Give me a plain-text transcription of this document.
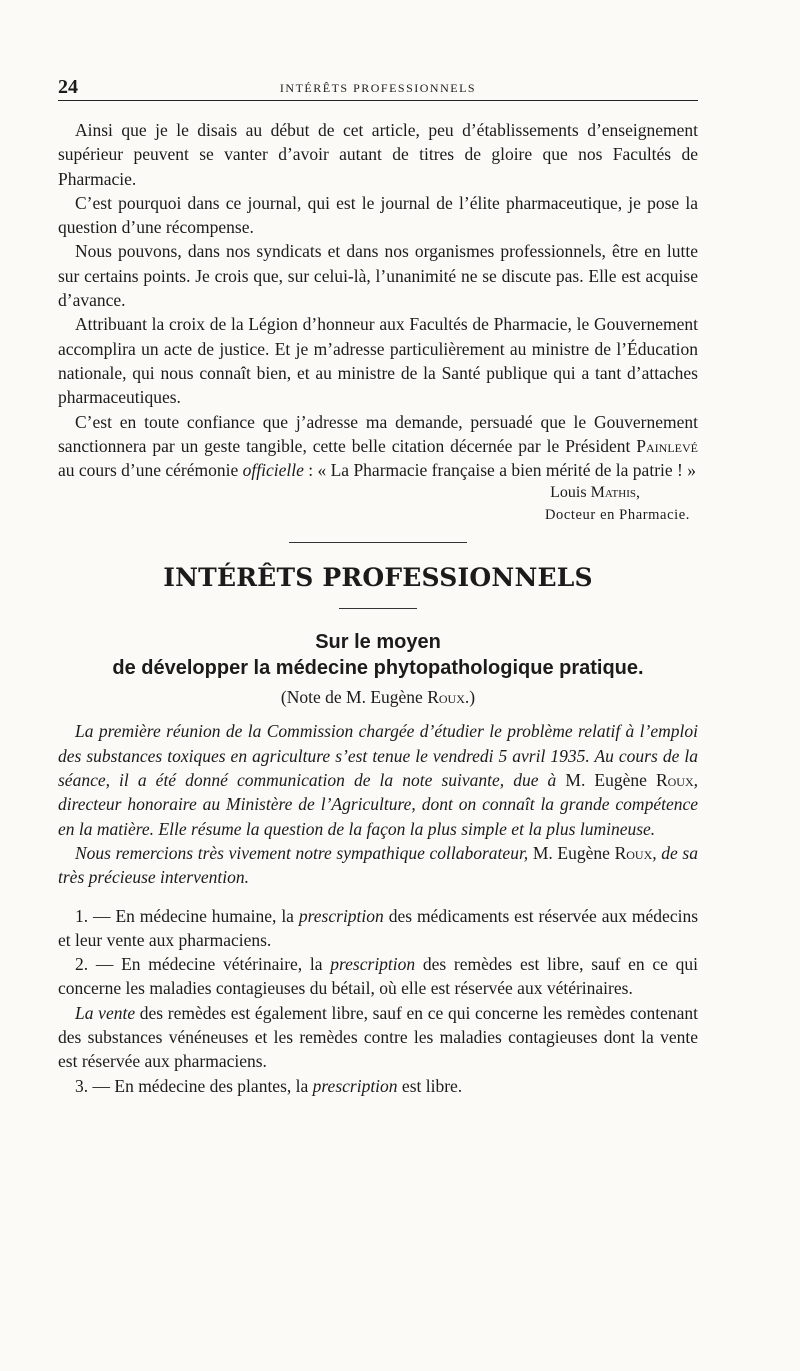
24	INTÉRÊTS PROFESSIONNELS

Ainsi que je le disais au début de cet article, peu d’établissements d’enseignement supérieur peuvent se vanter d’avoir autant de titres de gloire que nos Facultés de Pharmacie.

C’est pourquoi dans ce journal, qui est le journal de l’élite pharmaceutique, je pose la question d’une récompense.

Nous pouvons, dans nos syndicats et dans nos organismes professionnels, être en lutte sur certains points. Je crois que, sur celui-là, l’unanimité ne se discute pas. Elle est acquise d’avance.

Attribuant la croix de la Légion d’honneur aux Facultés de Pharmacie, le Gouvernement accomplira un acte de justice. Et je m’adresse particulièrement au ministre de l’Éducation nationale, qui nous connaît bien, et au ministre de la Santé publique qui a tant d’attaches pharmaceutiques.

C’est en toute confiance que j’adresse ma demande, persuadé que le Gouvernement sanctionnera par un geste tangible, cette belle citation décernée par le Président Painlevé au cours d’une cérémonie officielle : « La Pharmacie française a bien mérité de la patrie ! »

Louis Mathis,
Docteur en Pharmacie.
INTÉRÊTS PROFESSIONNELS
Sur le moyen
de développer la médecine phytopathologique pratique.
(Note de M. Eugène Roux.)

La première réunion de la Commission chargée d’étudier le problème relatif à l’emploi des substances toxiques en agriculture s’est tenue le vendredi 5 avril 1935. Au cours de la séance, il a été donné communication de la note suivante, due à M. Eugène Roux, directeur honoraire au Ministère de l’Agriculture, dont on connaît la grande compétence en la matière. Elle résume la question de la façon la plus simple et la plus lumineuse.

Nous remercions très vivement notre sympathique collaborateur, M. Eugène Roux, de sa très précieuse intervention.

1. — En médecine humaine, la prescription des médicaments est réservée aux médecins et leur vente aux pharmaciens.

2. — En médecine vétérinaire, la prescription des remèdes est libre, sauf en ce qui concerne les maladies contagieuses du bétail, où elle est réservée aux vétérinaires.

La vente des remèdes est également libre, sauf en ce qui concerne les remèdes contenant des substances vénéneuses et les remèdes contre les maladies contagieuses dont la vente est réservée aux pharmaciens.

3. — En médecine des plantes, la prescription est libre.
